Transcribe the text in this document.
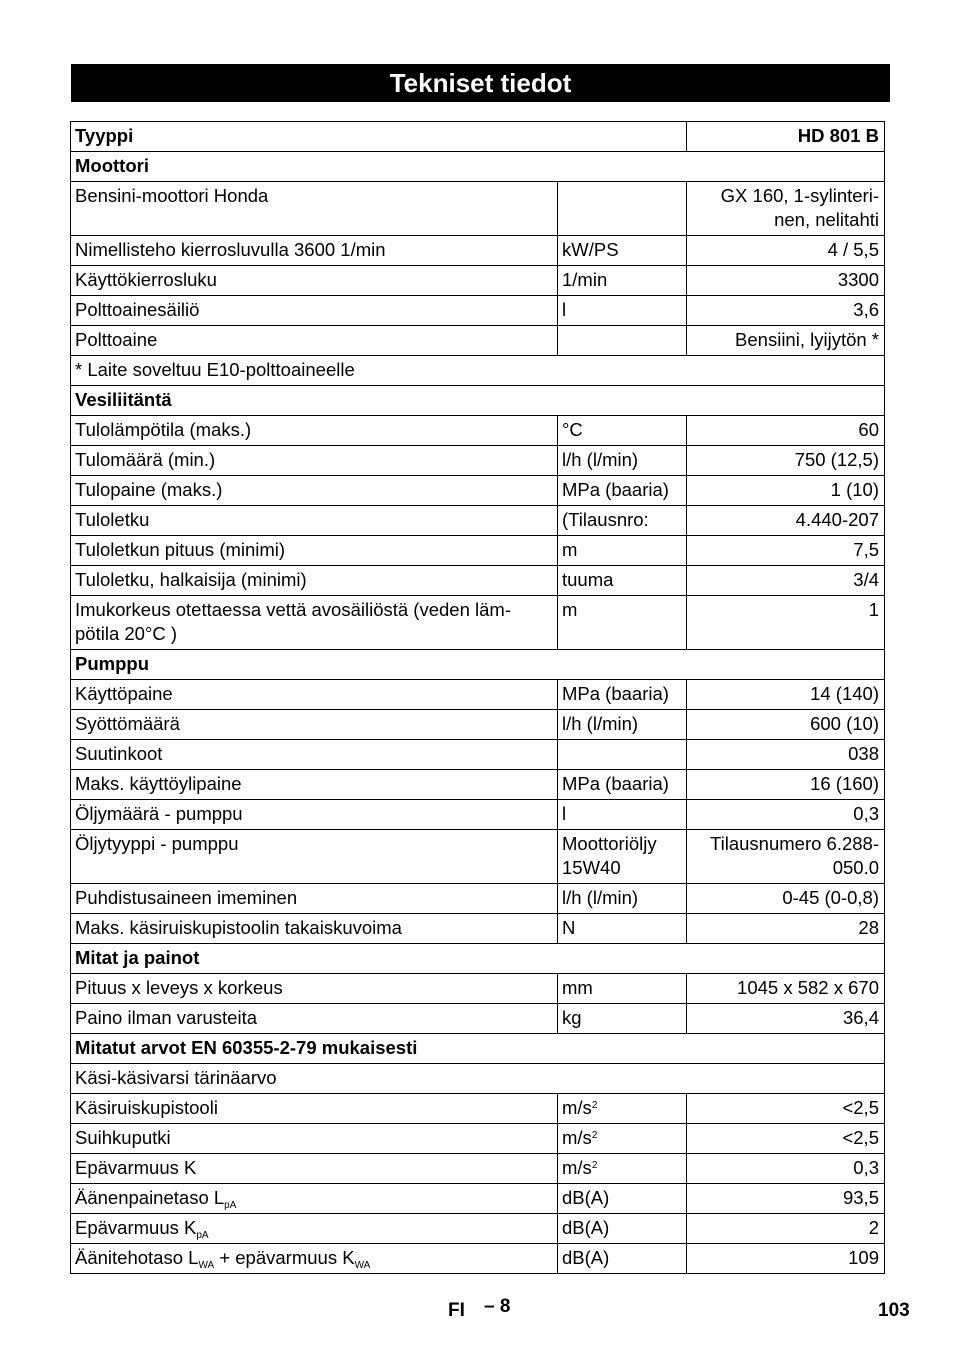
Tekniset tiedot
Tyyppi		HD 801 B
Moottori		
Bensini-moottori Honda		GX 160, 1-sylinteri-nen, nelitahti
Nimellisteho kierrosluvulla 3600 1/min	kW/PS	4 / 5,5
Käyttökierrosluku	1/min	3300
Polttoainesäiliö	l	3,6
Polttoaine		Bensiini, lyijytön *
* Laite soveltuu E10-polttoaineelle		
Vesiliitäntä		
Tulolämpötila (maks.)	°C	60
Tulomäärä (min.)	l/h (l/min)	750 (12,5)
Tulopaine (maks.)	MPa (baaria)	1 (10)
Tuloletku	(Tilausnro:	4.440-207
Tuloletkun pituus (minimi)	m	7,5
Tuloletku, halkaisija (minimi)	tuuma	3/4
Imukorkeus otettaessa vettä avosäiliöstä (veden läm-pötila 20°C )	m	1
Pumppu		
Käyttöpaine	MPa (baaria)	14 (140)
Syöttömäärä	l/h (l/min)	600 (10)
Suutinkoot		038
Maks. käyttöylipaine	MPa (baaria)	16 (160)
Öljymäärä - pumppu	l	0,3
Öljytyyppi - pumppu	Moottoriöljy 15W40	Tilausnumero 6.288-050.0
Puhdistusaineen imeminen	l/h (l/min)	0-45 (0-0,8)
Maks. käsiruiskupistoolin takaiskuvoima	N	28
Mitat ja painot		
Pituus x leveys x korkeus	mm	1045 x 582 x 670
Paino ilman varusteita	kg	36,4
Mitatut arvot EN 60355-2-79 mukaisesti		
Käsi-käsivarsi tärinäarvo		
Käsiruiskupistooli	$m/s^2$	<2,5
Suihkuputki	$m/s^2$	<2,5
Epävarmuus K	$m/s^2$	0,3
Äänenpainetaso $L_{pA}$	dB(A)	93,5
Epävarmuus $K_{pA}$	dB(A)	2
Äänitehotaso $L_{WA}$ + epävarmuus $K_{WA}$	dB(A)	109
FI – 8	103
